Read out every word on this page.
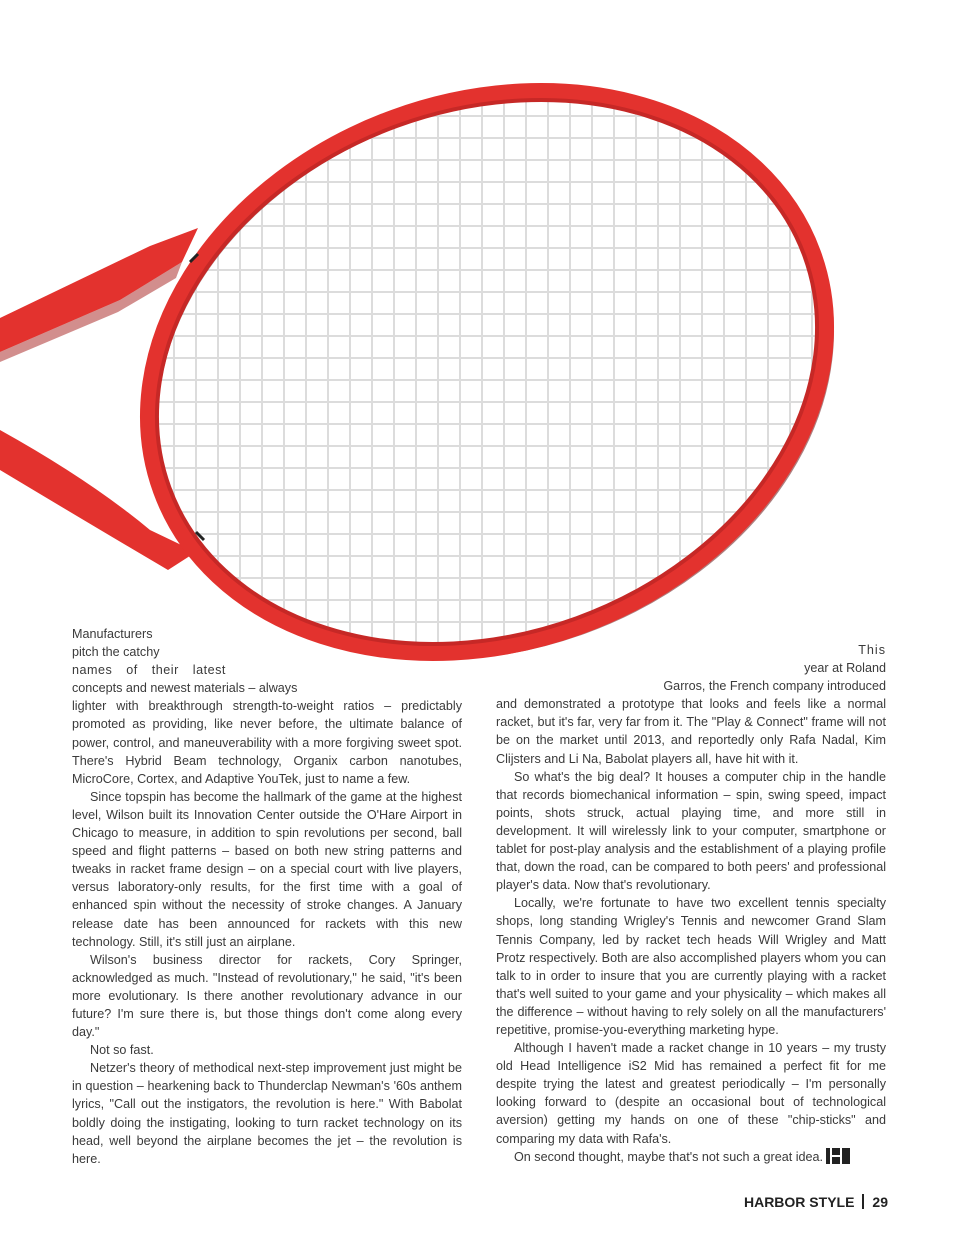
Manufacturers
pitch the catchy
names of their latest
concepts and newest materials – always
lighter with breakthrough strength-to-weight ratios – predictably promoted as providing, like never before, the ultimate balance of power, control, and maneuverability with a more forgiving sweet spot. There's Hybrid Beam technology, Organix carbon nanotubes, MicroCore, Cortex, and Adaptive YouTek, just to name a few.

Since topspin has become the hallmark of the game at the highest level, Wilson built its Innovation Center outside the O'Hare Airport in Chicago to measure, in addition to spin revolutions per second, ball speed and flight patterns – based on both new string patterns and tweaks in racket frame design – on a special court with live players, versus laboratory-only results, for the first time with a goal of enhanced spin without the necessity of stroke changes. A January release date has been announced for rackets with this new technology. Still, it's still just an airplane.

Wilson's business director for rackets, Cory Springer, acknowledged as much. "Instead of revolutionary," he said, "it's been more evolutionary. Is there another revolutionary advance in our future? I'm sure there is, but those things don't come along every day."

Not so fast.

Netzer's theory of methodical next-step improvement just might be in question – hearkening back to Thunderclap Newman's '60s anthem lyrics, "Call out the instigators, the revolution is here." With Babolat boldly doing the instigating, looking to turn racket technology on its head, well beyond the airplane becomes the jet – the revolution is here.

This
year at Roland
Garros, the French company introduced
and demonstrated a prototype that looks and feels like a normal racket, but it's far, very far from it. The "Play & Connect" frame will not be on the market until 2013, and reportedly only Rafa Nadal, Kim Clijsters and Li Na, Babolat players all, have hit with it.

So what's the big deal? It houses a computer chip in the handle that records biomechanical information – spin, swing speed, impact points, shots struck, actual playing time, and more still in development. It will wirelessly link to your computer, smartphone or tablet for post-play analysis and the establishment of a playing profile that, down the road, can be compared to both peers' and professional player's data. Now that's revolutionary.

Locally, we're fortunate to have two excellent tennis specialty shops, long standing Wrigley's Tennis and newcomer Grand Slam Tennis Company, led by racket tech heads Will Wrigley and Matt Protz respectively. Both are also accomplished players whom you can talk to in order to insure that you are currently playing with a racket that's well suited to your game and your physicality – which makes all the difference – without having to rely solely on all the manufacturers' repetitive, promise-you-everything marketing hype.

Although I haven't made a racket change in 10 years – my trusty old Head Intelligence iS2 Mid has remained a perfect fit for me despite trying the latest and greatest periodically – I'm personally looking forward to (despite an occasional bout of technological aversion) getting my hands on one of these "chip-sticks" and comparing my data with Rafa's.

On second thought, maybe that's not such a great idea.

HARBOR STYLE 29
